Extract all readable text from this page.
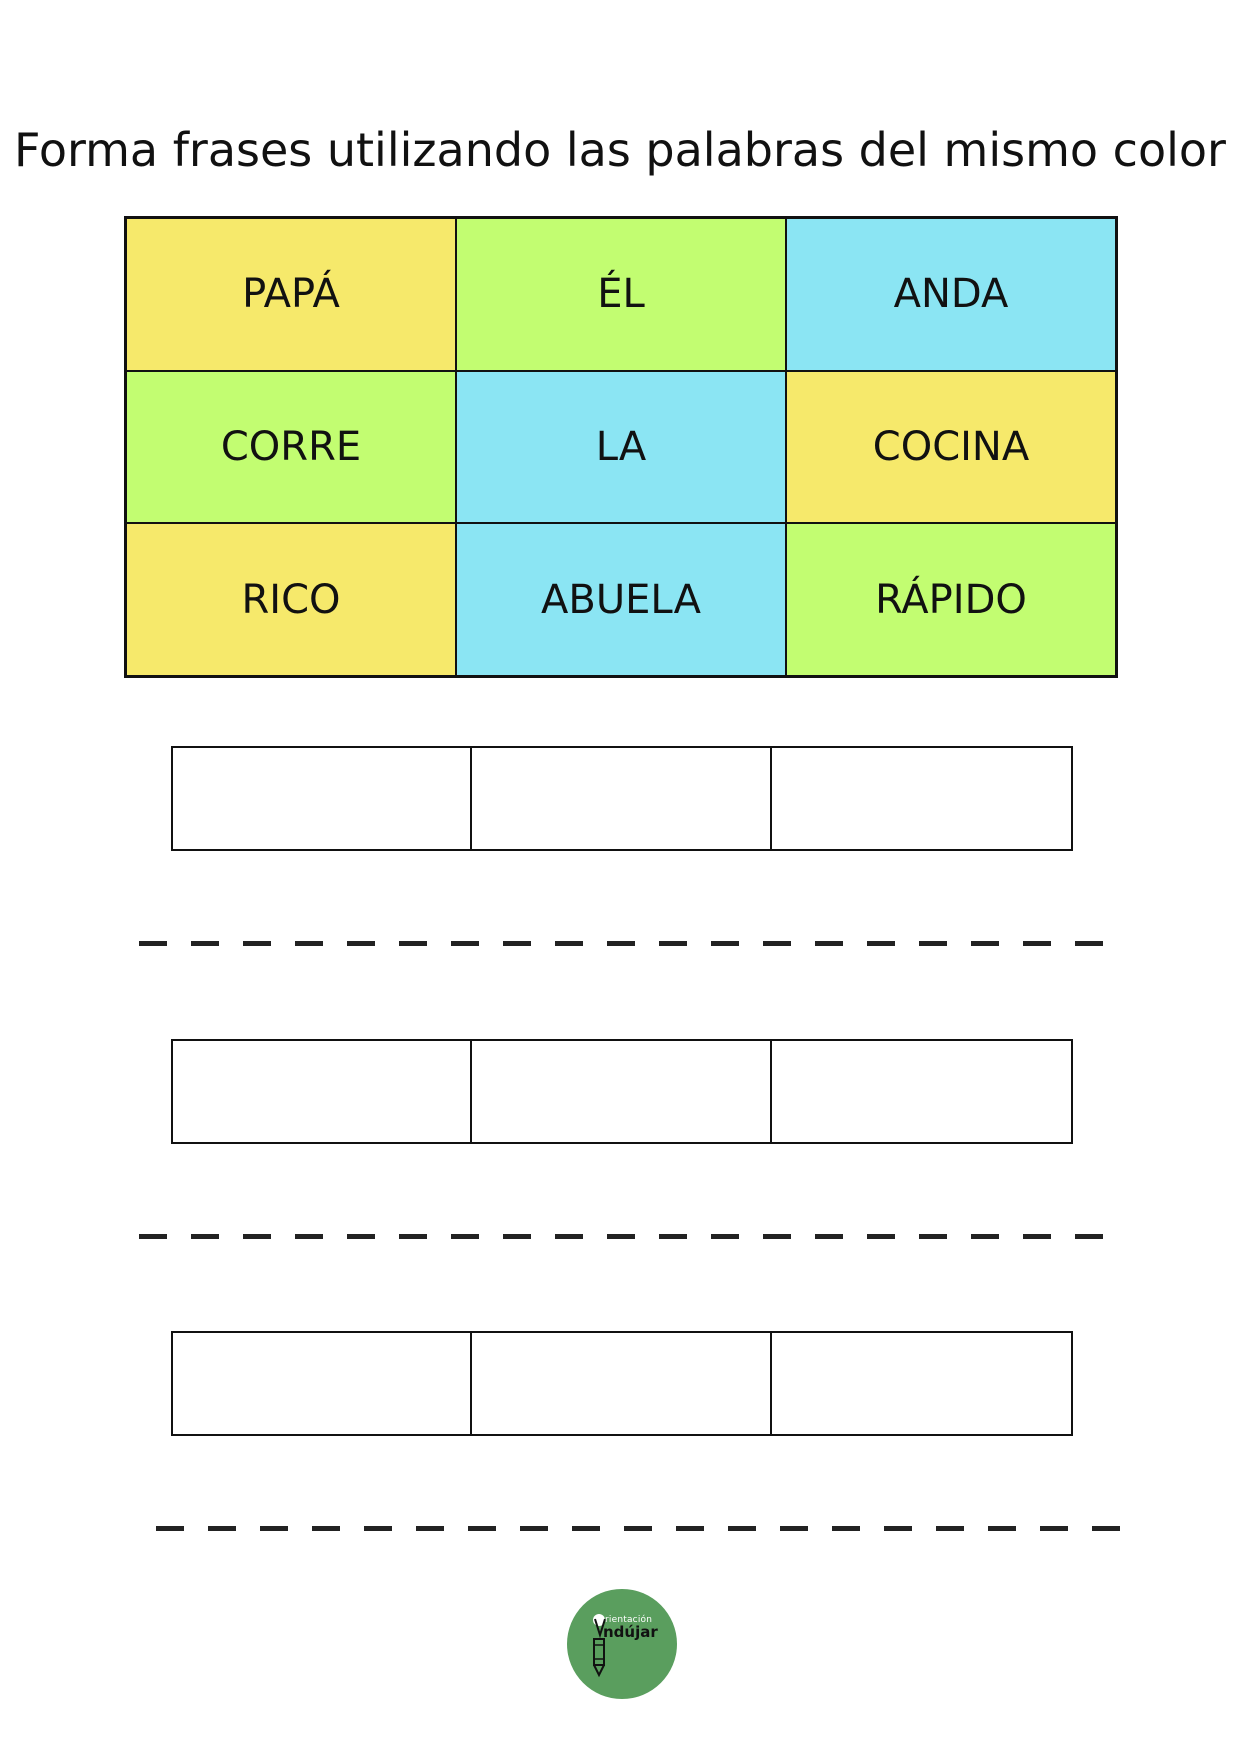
Forma frases utilizando las palabras del mismo color
PAPÁ	ÉL	ANDA
CORRE	LA	COCINA
RICO	ABUELA	RÁPIDO
rientación
ndújar
